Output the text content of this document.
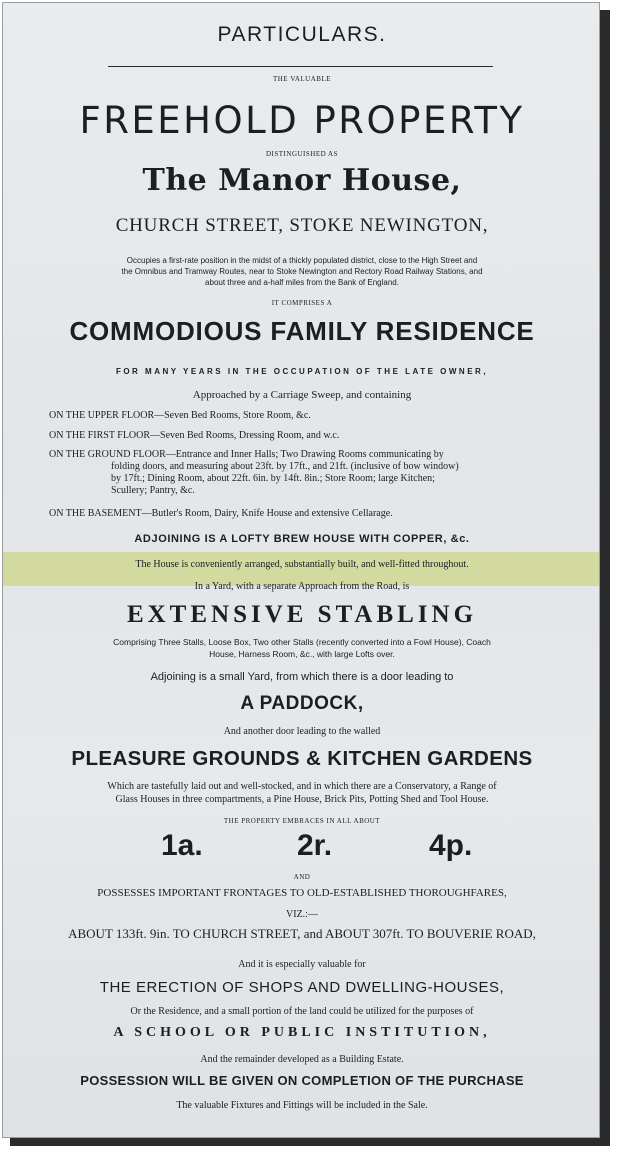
PARTICULARS.
THE VALUABLE
FREEHOLD PROPERTY
DISTINGUISHED AS
The Manor House,
CHURCH STREET, STOKE NEWINGTON,
Occupies a first-rate position in the midst of a thickly populated district, close to the High Street and
the Omnibus and Tramway Routes, near to Stoke Newington and Rectory Road Railway Stations, and
about three and a-half miles from the Bank of England.
IT COMPRISES A
COMMODIOUS FAMILY RESIDENCE
FOR MANY YEARS IN THE OCCUPATION OF THE LATE OWNER,
Approached by a Carriage Sweep, and containing
ON THE UPPER FLOOR—Seven Bed Rooms, Store Room, &c.
ON THE FIRST FLOOR—Seven Bed Rooms, Dressing Room, and w.c.
ON THE GROUND FLOOR—Entrance and Inner Halls; Two Drawing Rooms communicating by
folding doors, and measuring about 23ft. by 17ft., and 21ft. (inclusive of bow window)
by 17ft.; Dining Room, about 22ft. 6in. by 14ft. 8in.; Store Room; large Kitchen;
Scullery; Pantry, &c.
ON THE BASEMENT—Butler's Room, Dairy, Knife House and extensive Cellarage.
ADJOINING IS A LOFTY BREW HOUSE WITH COPPER, &c.
The House is conveniently arranged, substantially built, and well-fitted throughout.
In a Yard, with a separate Approach from the Road, is
EXTENSIVE STABLING
Comprising Three Stalls, Loose Box, Two other Stalls (recently converted into a Fowl House), Coach
House, Harness Room, &c., with large Lofts over.
Adjoining is a small Yard, from which there is a door leading to
A PADDOCK,
And another door leading to the walled
PLEASURE GROUNDS & KITCHEN GARDENS
Which are tastefully laid out and well-stocked, and in which there are a Conservatory, a Range of
Glass Houses in three compartments, a Pine House, Brick Pits, Potting Shed and Tool House.
THE PROPERTY EMBRACES IN ALL ABOUT
1a.	2r.	4p.
AND
POSSESSES IMPORTANT FRONTAGES TO OLD-ESTABLISHED THOROUGHFARES,
VIZ.:—
ABOUT 133ft. 9in. TO CHURCH STREET, and ABOUT 307ft. TO BOUVERIE ROAD,
And it is especially valuable for
THE ERECTION OF SHOPS AND DWELLING-HOUSES,
Or the Residence, and a small portion of the land could be utilized for the purposes of
A SCHOOL OR PUBLIC INSTITUTION,
And the remainder developed as a Building Estate.
POSSESSION WILL BE GIVEN ON COMPLETION OF THE PURCHASE
The valuable Fixtures and Fittings will be included in the Sale.
